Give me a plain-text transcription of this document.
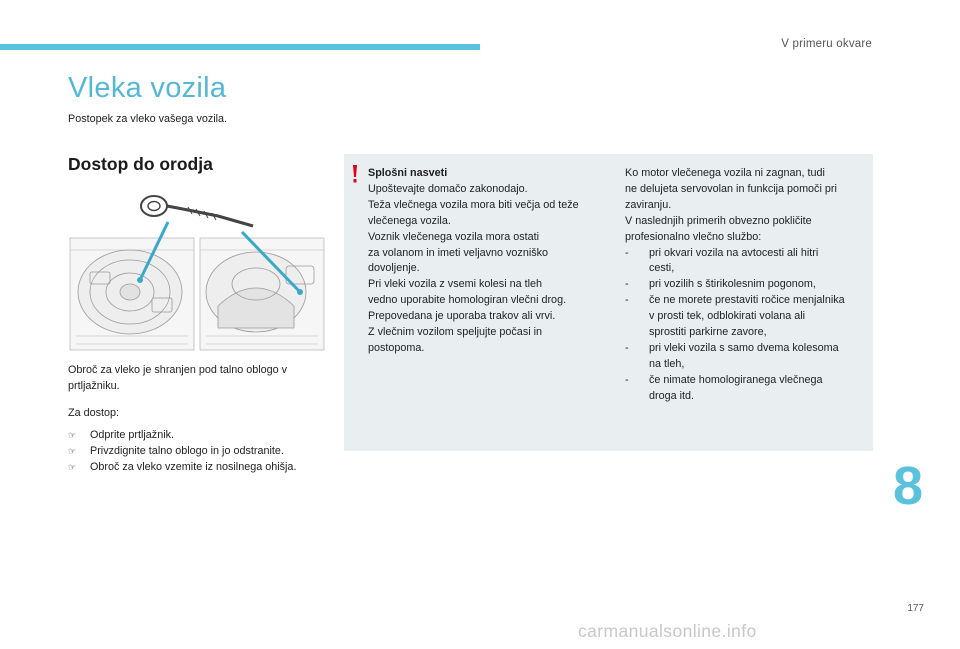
V primeru okvare
Vleka vozila

Postopek za vleko vašega vozila.

Dostop do orodja

Obroč za vleko je shranjen pod talno oblogo v

prtljažniku.

Za dostop:

☞	Odprite prtljažnik.
☞	Privzdignite talno oblogo in jo odstranite.
☞	Obroč za vleko vzemite iz nosilnega ohišja.
Splošni nasveti
Upoštevajte domačo zakonodajo.
Teža vlečnega vozila mora biti večja od teže
vlečenega vozila.
Voznik vlečenega vozila mora ostati
za volanom in imeti veljavno vozniško
dovoljenje.
Pri vleki vozila z vsemi kolesi na tleh
vedno uporabite homologiran vlečni drog.
Prepovedana je uporaba trakov ali vrvi.
Z vlečnim vozilom speljujte počasi in
postopoma.
Ko motor vlečenega vozila ni zagnan, tudi
ne delujeta servovolan in funkcija pomoči pri
zaviranju.
V naslednjih primerih obvezno pokličite
profesionalno vlečno službo:
-	pri okvari vozila na avtocesti ali hitri
cesti,
-	pri vozilih s štirikolesnim pogonom,
-	če ne morete prestaviti ročice menjalnika
v prosti tek, odblokirati volana ali
sprostiti parkirne zavore,
-	pri vleki vozila s samo dvema kolesoma
na tleh,
-	če nimate homologiranega vlečnega
droga itd.
8
177
carmanualsonline.info
